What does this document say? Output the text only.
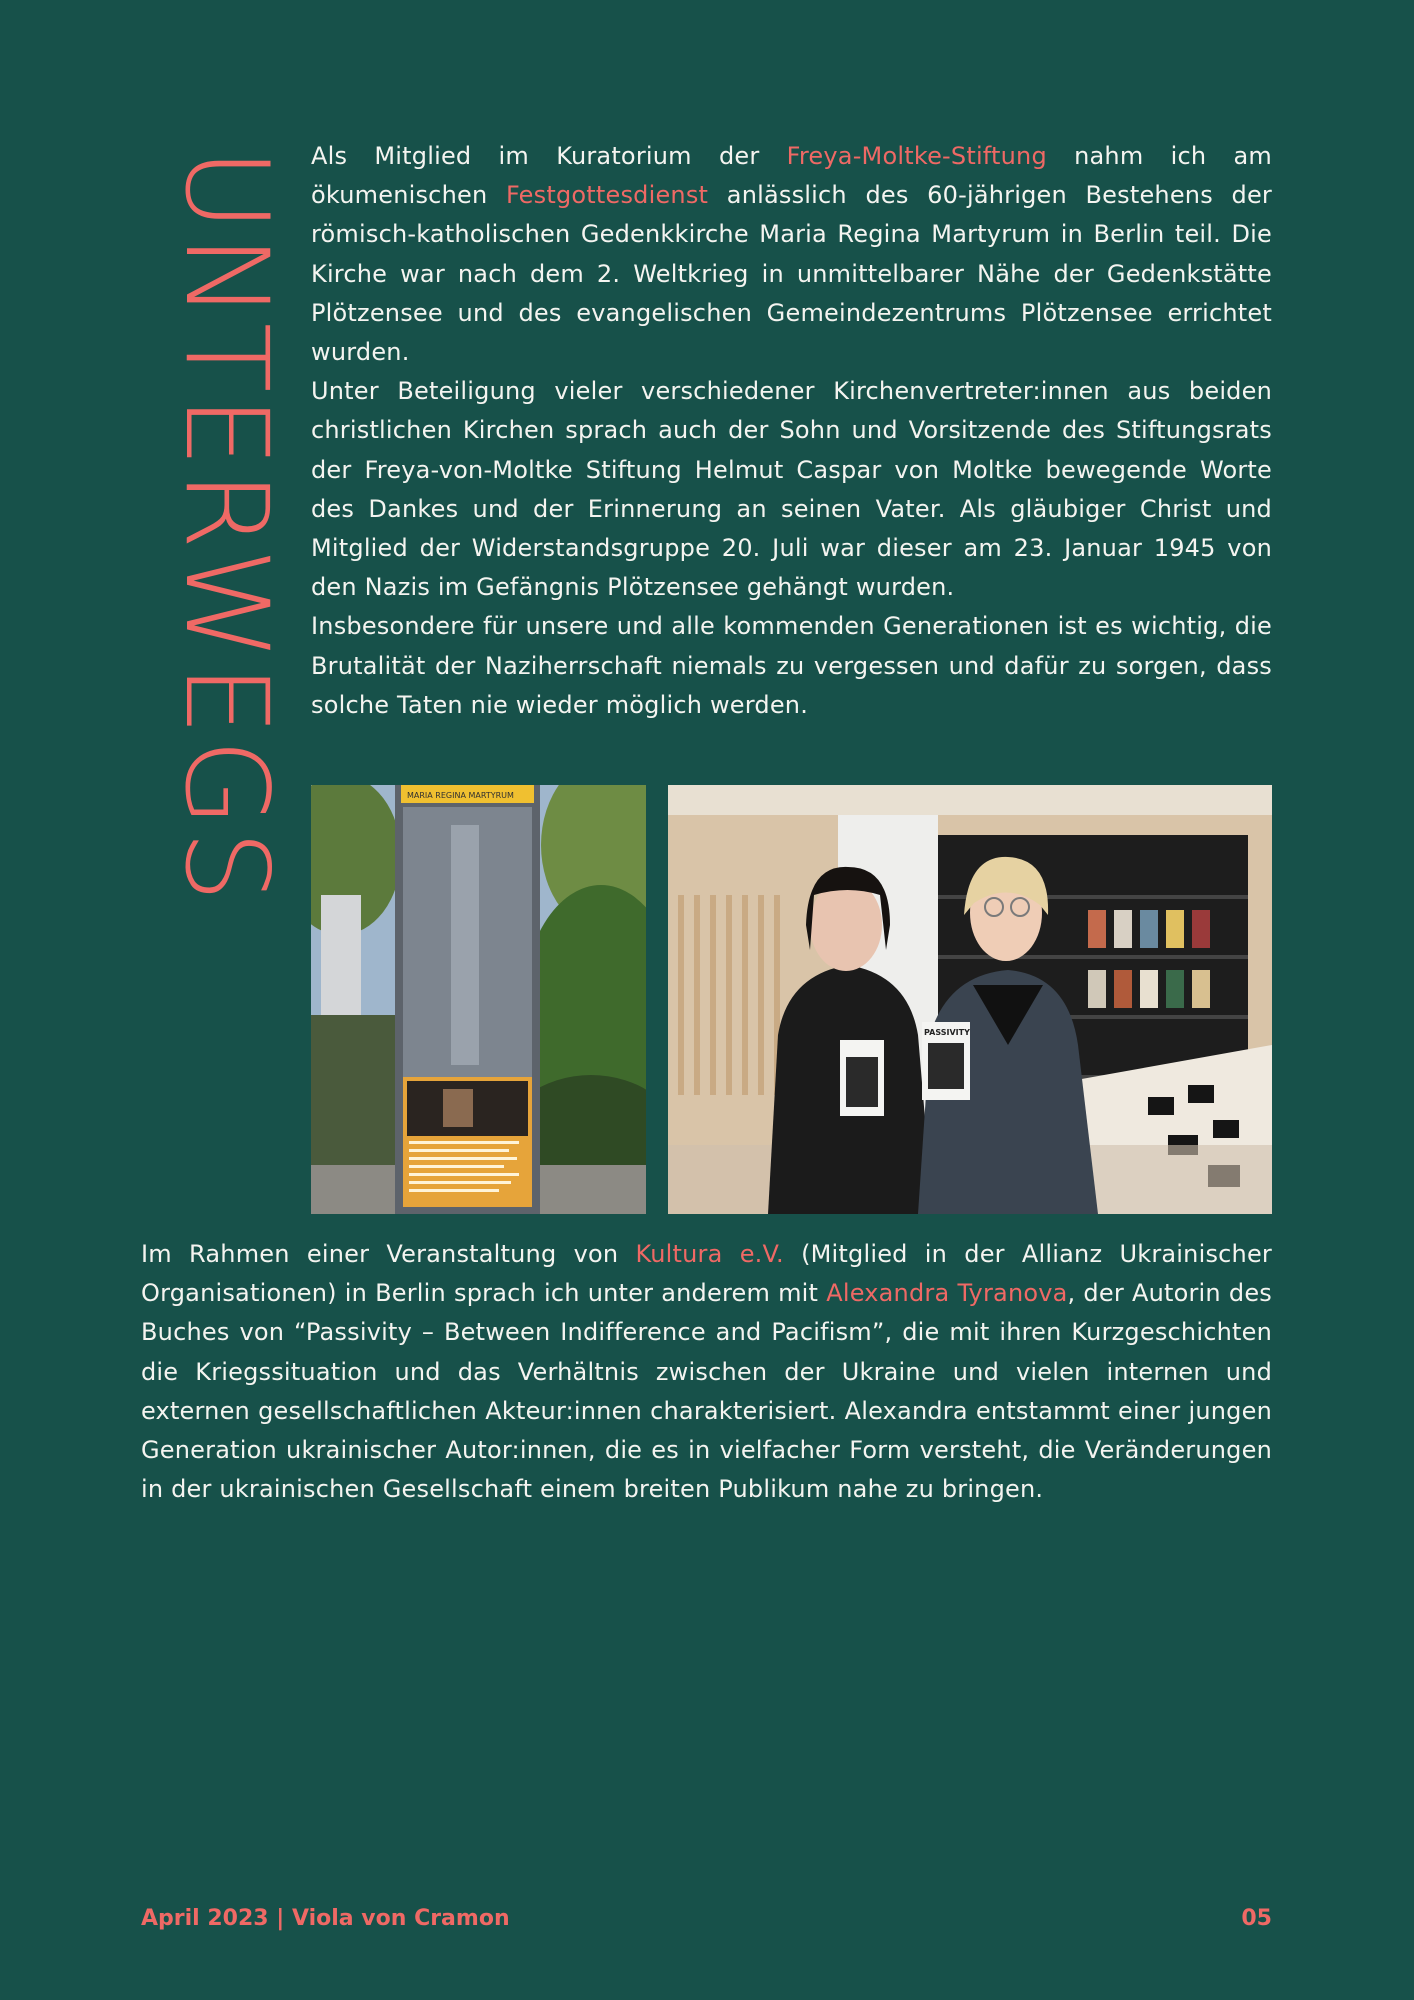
UNTERWEGS Als Mitglied im Kuratorium der Freya-Moltke-Stiftung nahm ich am ökumenischen Festgottesdienst anlässlich des 60-jährigen Bestehens der römisch-katholischen Gedenkkirche Maria Regina Martyrum in Berlin teil. Die Kirche war nach dem 2. Weltkrieg in unmittelbarer Nähe der Gedenkstätte Plötzensee und des evangelischen Gemeindezentrums Plötzensee errichtet wurden.

Unter Beteiligung vieler verschiedener Kirchenvertreter:innen aus beiden christlichen Kirchen sprach auch der Sohn und Vorsitzende des Stiftungsrats der Freya-von-Moltke Stiftung Helmut Caspar von Moltke bewegende Worte des Dankes und der Erinnerung an seinen Vater. Als gläubiger Christ und Mitglied der Widerstandsgruppe 20. Juli war dieser am 23. Januar 1945 von den Nazis im Gefängnis Plötzensee gehängt wurden.

Insbesondere für unsere und alle kommenden Generationen ist es wichtig, die Brutalität der Naziherrschaft niemals zu vergessen und dafür zu sorgen, dass solche Taten nie wieder möglich werden.

MARIA REGINA MARTYRUM
PASSIVITY

Im Rahmen einer Veranstaltung von Kultura e.V. (Mitglied in der Allianz Ukrainischer Organisationen) in Berlin sprach ich unter anderem mit Alexandra Tyranova, der Autorin des Buches von “Passivity – Between Indifference and Pacifism”, die mit ihren Kurzgeschichten die Kriegssituation und das Verhältnis zwischen der Ukraine und vielen internen und externen gesellschaftlichen Akteur:innen charakterisiert. Alexandra entstammt einer jungen Generation ukrainischer Autor:innen, die es in vielfacher Form versteht, die Veränderungen in der ukrainischen Gesellschaft einem breiten Publikum nahe zu bringen.

April 2023 | Viola von Cramon	05
